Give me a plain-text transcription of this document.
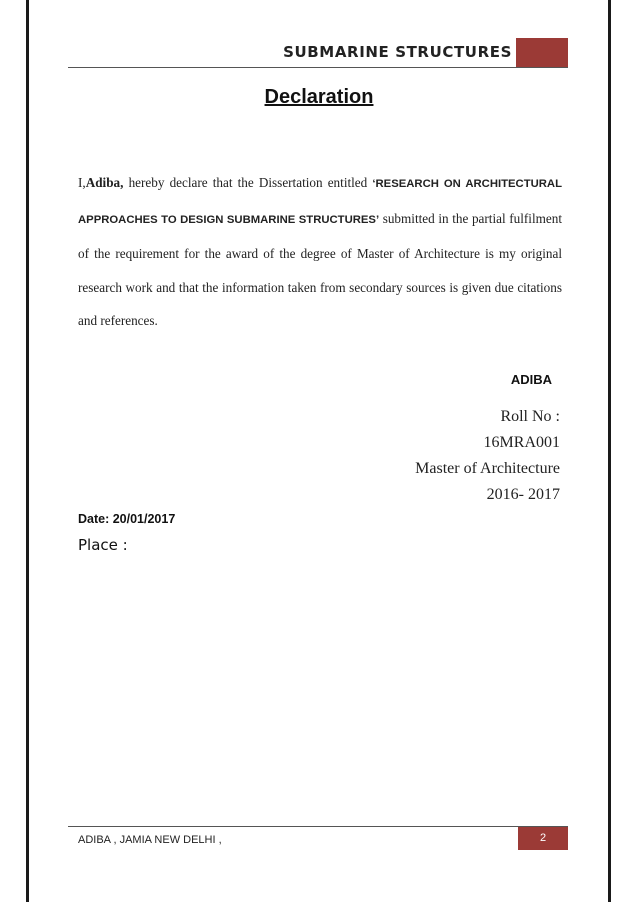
SUBMARINE STRUCTURES
Declaration
I,Adiba, hereby declare that the Dissertation entitled ‘RESEARCH ON ARCHITECTURAL APPROACHES TO DESIGN SUBMARINE STRUCTURES’ submitted in the partial fulfilment of the requirement for the award of the degree of Master of Architecture is my original research work and that the information taken from secondary sources is given due citations and references.
ADIBA
Roll No :
16MRA001
Master of Architecture
2016- 2017
Date: 20/01/2017
Place :
ADIBA , JAMIA NEW DELHI ,	2
